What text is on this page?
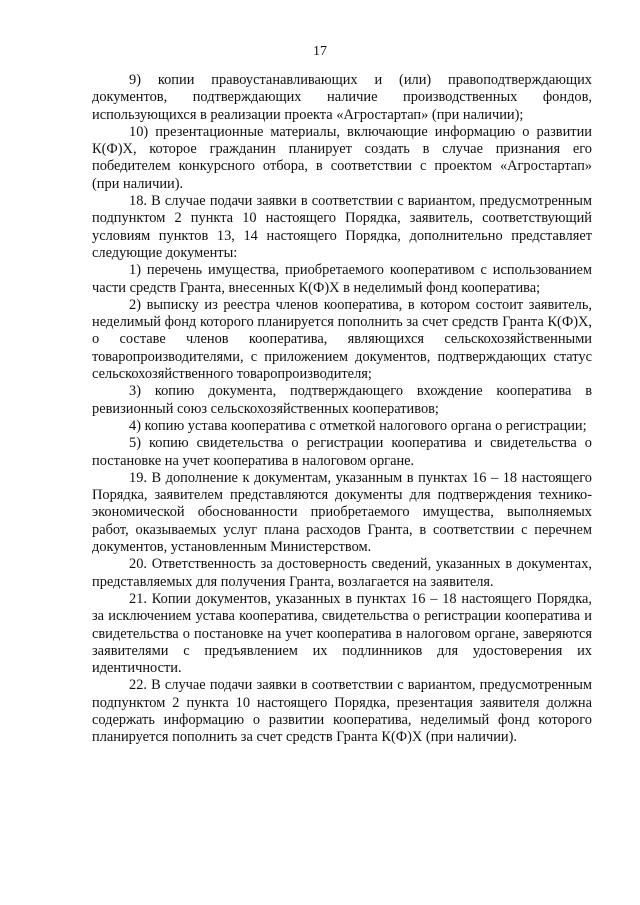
17

9) копии правоустанавливающих и (или) правоподтверждающих документов, подтверждающих наличие производственных фондов, использующихся в реализации проекта «Агростартап» (при наличии);

10) презентационные материалы, включающие информацию о развитии К(Ф)Х, которое гражданин планирует создать в случае признания его победителем конкурсного отбора, в соответствии с проектом «Агростартап» (при наличии).

18. В случае подачи заявки в соответствии с вариантом, предусмотренным подпунктом 2 пункта 10 настоящего Порядка, заявитель, соответствующий условиям пунктов 13, 14 настоящего Порядка, дополнительно представляет следующие документы:

1) перечень имущества, приобретаемого кооперативом с использованием части средств Гранта, внесенных К(Ф)Х в неделимый фонд кооператива;

2) выписку из реестра членов кооператива, в котором состоит заявитель, неделимый фонд которого планируется пополнить за счет средств Гранта К(Ф)Х, о составе членов кооператива, являющихся сельскохозяйственными товаропроизводителями, с приложением документов, подтверждающих статус сельскохозяйственного товаропроизводителя;

3) копию документа, подтверждающего вхождение кооператива в ревизионный союз сельскохозяйственных кооперативов;

4) копию устава кооператива с отметкой налогового органа о регистрации;

5) копию свидетельства о регистрации кооператива и свидетельства о постановке на учет кооператива в налоговом органе.

19. В дополнение к документам, указанным в пунктах 16 – 18 настоящего Порядка, заявителем представляются документы для подтверждения технико-экономической обоснованности приобретаемого имущества, выполняемых работ, оказываемых услуг плана расходов Гранта, в соответствии с перечнем документов, установленным Министерством.

20. Ответственность за достоверность сведений, указанных в документах, представляемых для получения Гранта, возлагается на заявителя.

21. Копии документов, указанных в пунктах 16 – 18 настоящего Порядка, за исключением устава кооператива, свидетельства о регистрации кооператива и свидетельства о постановке на учет кооператива в налоговом органе, заверяются заявителями с предъявлением их подлинников для удостоверения их идентичности.

22. В случае подачи заявки в соответствии с вариантом, предусмотренным подпунктом 2 пункта 10 настоящего Порядка, презентация заявителя должна содержать информацию о развитии кооператива, неделимый фонд которого планируется пополнить за счет средств Гранта К(Ф)Х (при наличии).
